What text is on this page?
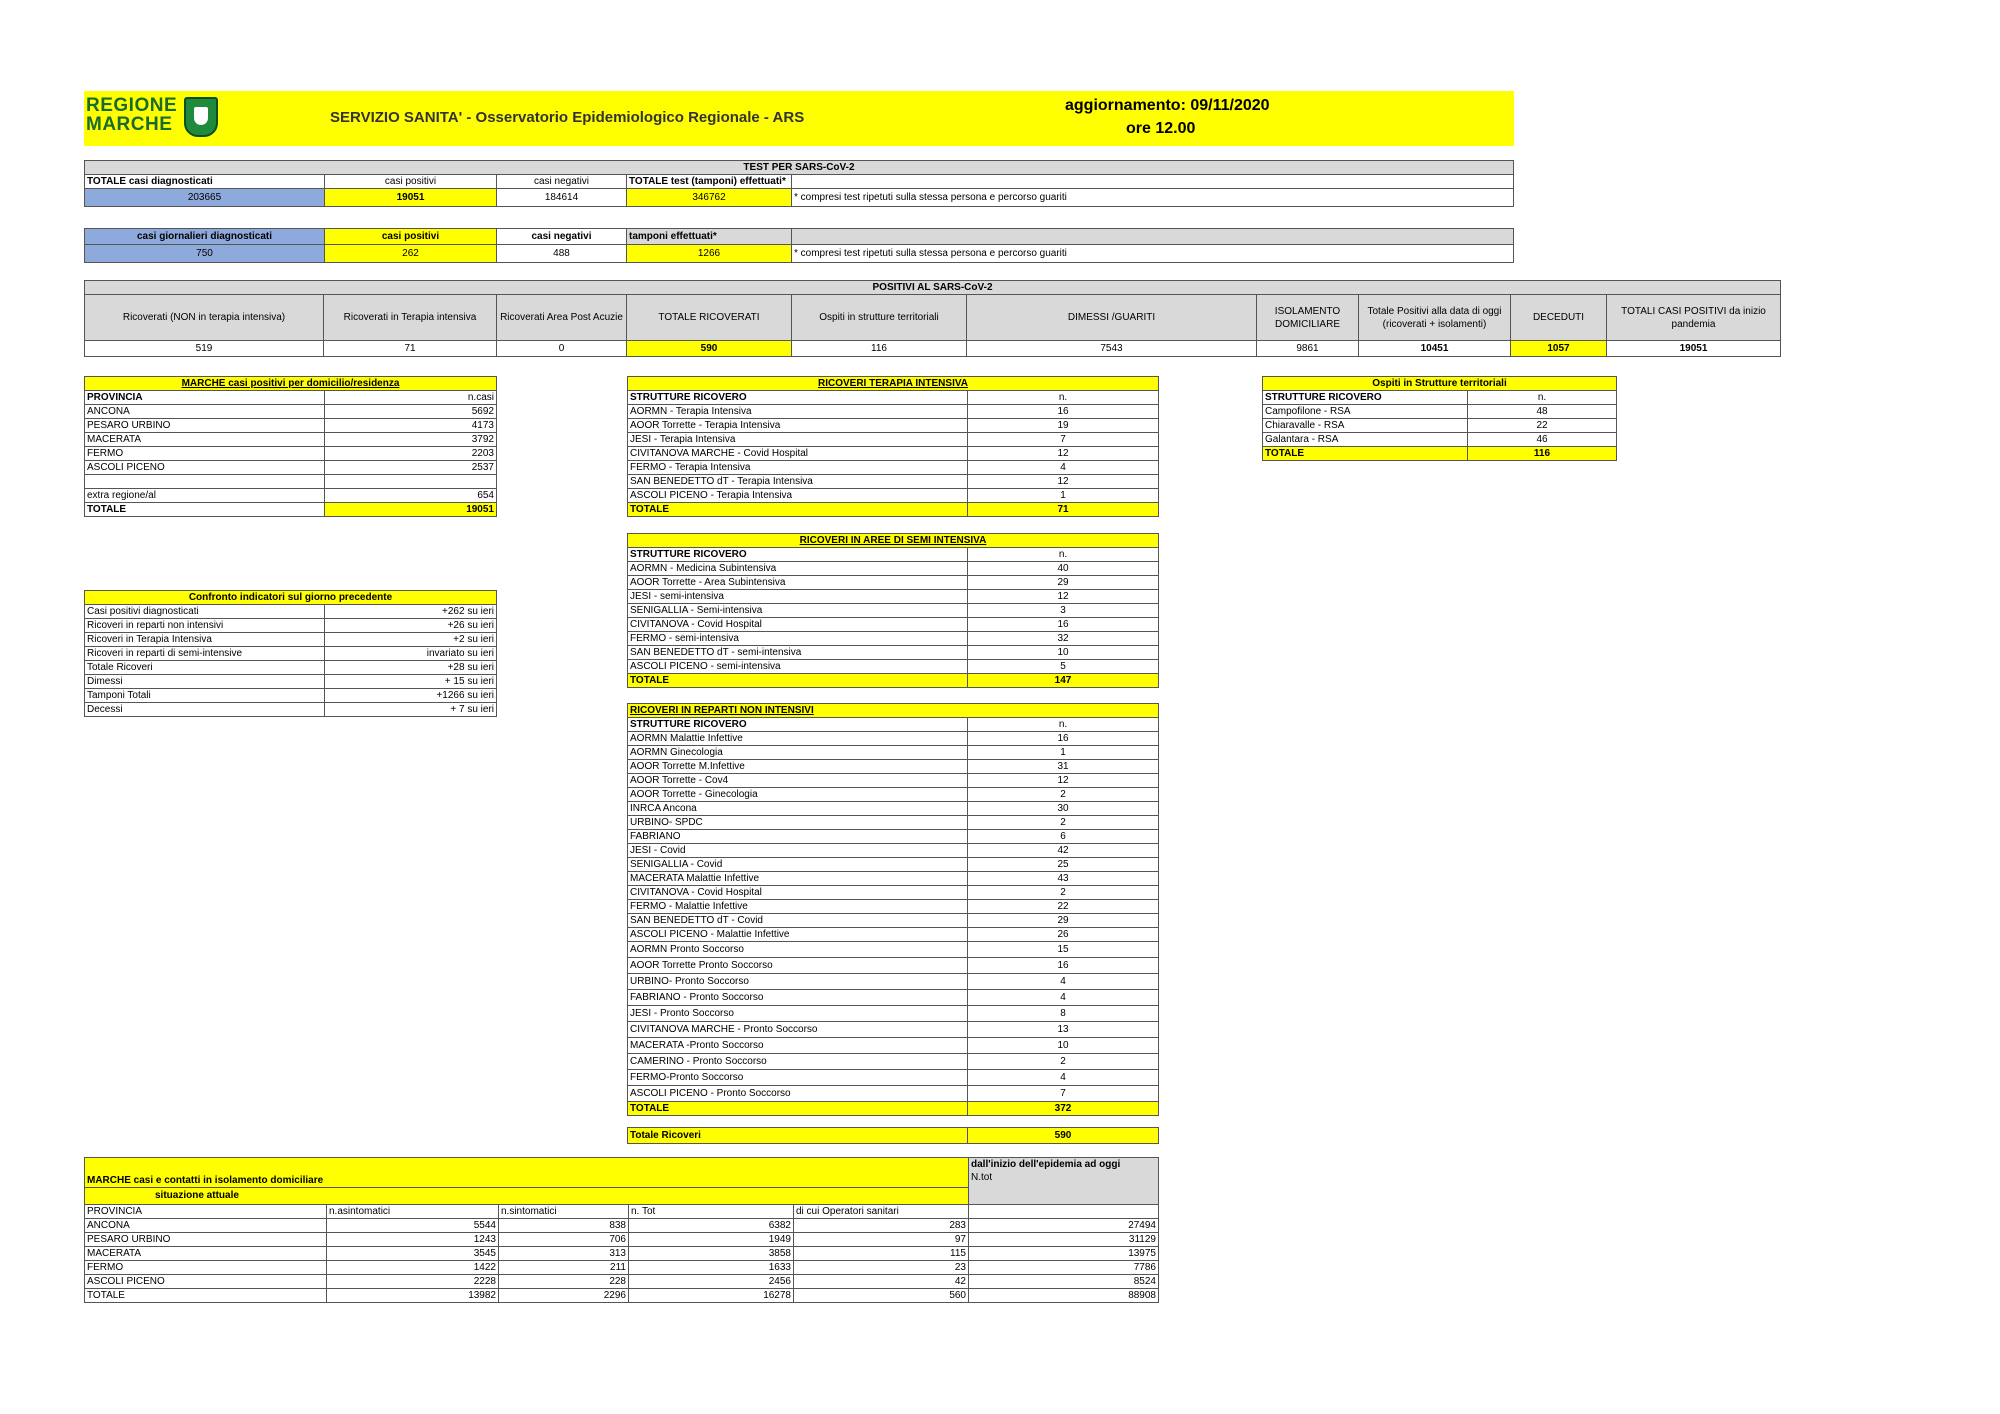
REGIONE
MARCHE	SERVIZIO SANITA' - Osservatorio Epidemiologico Regionale - ARS
aggiornamento: 09/11/2020
ore 12.00
TEST PER SARS-CoV-2				
TOTALE casi diagnosticati	casi positivi	casi negativi	TOTALE test (tamponi) effettuati*	
203665	19051	184614	346762	* compresi test ripetuti sulla stessa persona e percorso guariti
casi giornalieri diagnosticati	casi positivi	casi negativi	tamponi effettuati*	
750	262	488	1266	* compresi test ripetuti sulla stessa persona e percorso guariti
POSITIVI AL SARS-CoV-2									
Ricoverati (NON in terapia intensiva)	Ricoverati in Terapia intensiva	Ricoverati Area Post Acuzie	TOTALE RICOVERATI	Ospiti in strutture territoriali	DIMESSI /GUARITI	ISOLAMENTO DOMICILIARE	Totale Positivi alla data di oggi (ricoverati + isolamenti)	DECEDUTI	TOTALI CASI POSITIVI da inizio pandemia
519	71	0	590	116	7543	9861	10451	1057	19051
MARCHE casi positivi per domicilio/residenza	
PROVINCIA	n.casi
ANCONA	5692
PESARO URBINO	4173
MACERATA	3792
FERMO	2203
ASCOLI PICENO	2537

extra regione/al	654
TOTALE	19051
Confronto indicatori sul giorno precedente	
Casi positivi diagnosticati	+262 su ieri
Ricoveri in reparti non intensivi	+26 su ieri
Ricoveri in Terapia Intensiva	+2 su ieri
Ricoveri in reparti di semi-intensive	invariato su ieri
Totale Ricoveri	+28 su ieri
Dimessi	+ 15 su ieri
Tamponi Totali	+1266 su ieri
Decessi	+ 7 su ieri
RICOVERI TERAPIA INTENSIVA	
STRUTTURE RICOVERO	n.
AORMN - Terapia Intensiva	16
AOOR Torrette - Terapia Intensiva	19
JESI - Terapia Intensiva	7
CIVITANOVA MARCHE - Covid Hospital	12
FERMO - Terapia Intensiva	4
SAN BENEDETTO dT - Terapia Intensiva	12
ASCOLI PICENO - Terapia Intensiva	1
TOTALE	71
RICOVERI IN AREE DI SEMI INTENSIVA	
STRUTTURE RICOVERO	n.
AORMN - Medicina Subintensiva	40
AOOR Torrette - Area Subintensiva	29
JESI - semi-intensiva	12
SENIGALLIA - Semi-intensiva	3
CIVITANOVA - Covid Hospital	16
FERMO - semi-intensiva	32
SAN BENEDETTO dT - semi-intensiva	10
ASCOLI PICENO - semi-intensiva	5
TOTALE	147
RICOVERI IN REPARTI NON INTENSIVI	
STRUTTURE RICOVERO	n.
AORMN Malattie Infettive	16
AORMN Ginecologia	1
AOOR Torrette M.Infettive	31
AOOR Torrette - Cov4	12
AOOR Torrette - Ginecologia	2
INRCA Ancona	30
URBINO- SPDC	2
FABRIANO	6
JESI - Covid	42
SENIGALLIA - Covid	25
MACERATA Malattie Infettive	43
CIVITANOVA - Covid Hospital	2
FERMO - Malattie Infettive	22
SAN BENEDETTO dT - Covid	29
ASCOLI PICENO - Malattie Infettive	26
AORMN Pronto Soccorso	15
AOOR Torrette Pronto Soccorso	16
URBINO- Pronto Soccorso	4
FABRIANO - Pronto Soccorso	4
JESI - Pronto Soccorso	8
CIVITANOVA MARCHE - Pronto Soccorso	13
MACERATA -Pronto Soccorso	10
CAMERINO - Pronto Soccorso	2
FERMO-Pronto Soccorso	4
ASCOLI PICENO - Pronto Soccorso	7
TOTALE	372
Totale Ricoveri	590
Ospiti in Strutture territoriali	
STRUTTURE RICOVERO	n.
Campofilone - RSA	48
Chiaravalle - RSA	22
Galantara - RSA	46
TOTALE	116
MARCHE casi e contatti in isolamento domiciliare					dall'inizio dell'epidemia ad oggi
N.tot

situazione attuale					
PROVINCIA	n.asintomatici	n.sintomatici	n. Tot	di cui Operatori sanitari	
ANCONA	5544	838	6382	283	27494
PESARO URBINO	1243	706	1949	97	31129
MACERATA	3545	313	3858	115	13975
FERMO	1422	211	1633	23	7786
ASCOLI PICENO	2228	228	2456	42	8524
TOTALE	13982	2296	16278	560	88908
